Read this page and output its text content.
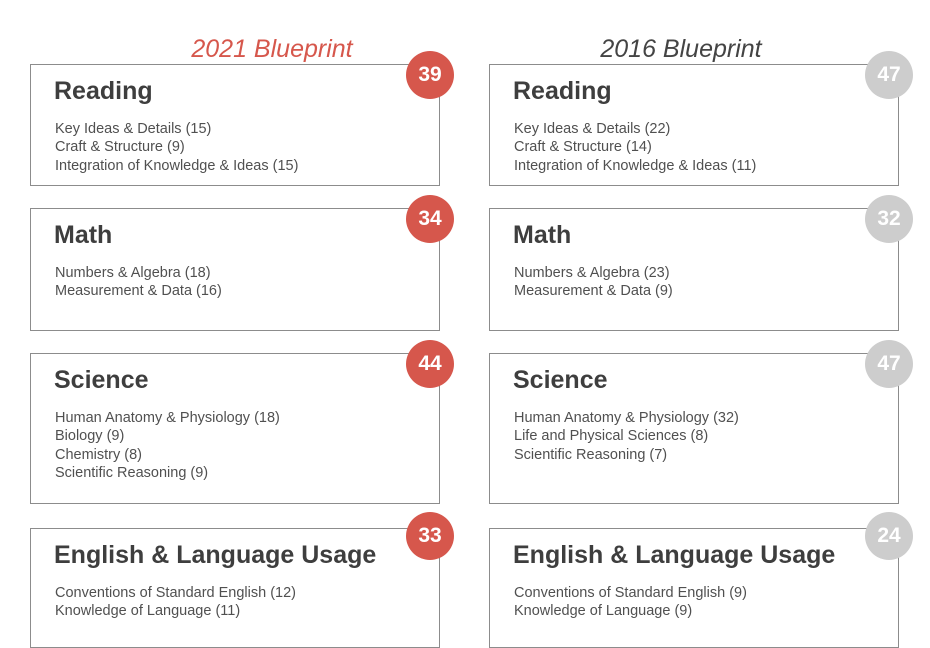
2021 Blueprint	2016 Blueprint
Reading
Key Ideas & Details (15)
Craft & Structure (9)
Integration of Knowledge & Ideas (15)
39
Math
Numbers & Algebra (18)
Measurement & Data (16)
34
Science
Human Anatomy & Physiology (18)
Biology (9)
Chemistry (8)
Scientific Reasoning (9)
44
English & Language Usage
Conventions of Standard English (12)
Knowledge of Language (11)
33
Reading
Key Ideas & Details (22)
Craft & Structure (14)
Integration of Knowledge & Ideas (11)
47
Math
Numbers & Algebra (23)
Measurement & Data (9)
32
Science
Human Anatomy & Physiology (32)
Life and Physical Sciences (8)
Scientific Reasoning (7)
47
English & Language Usage
Conventions of Standard English (9)
Knowledge of Language (9)
24
